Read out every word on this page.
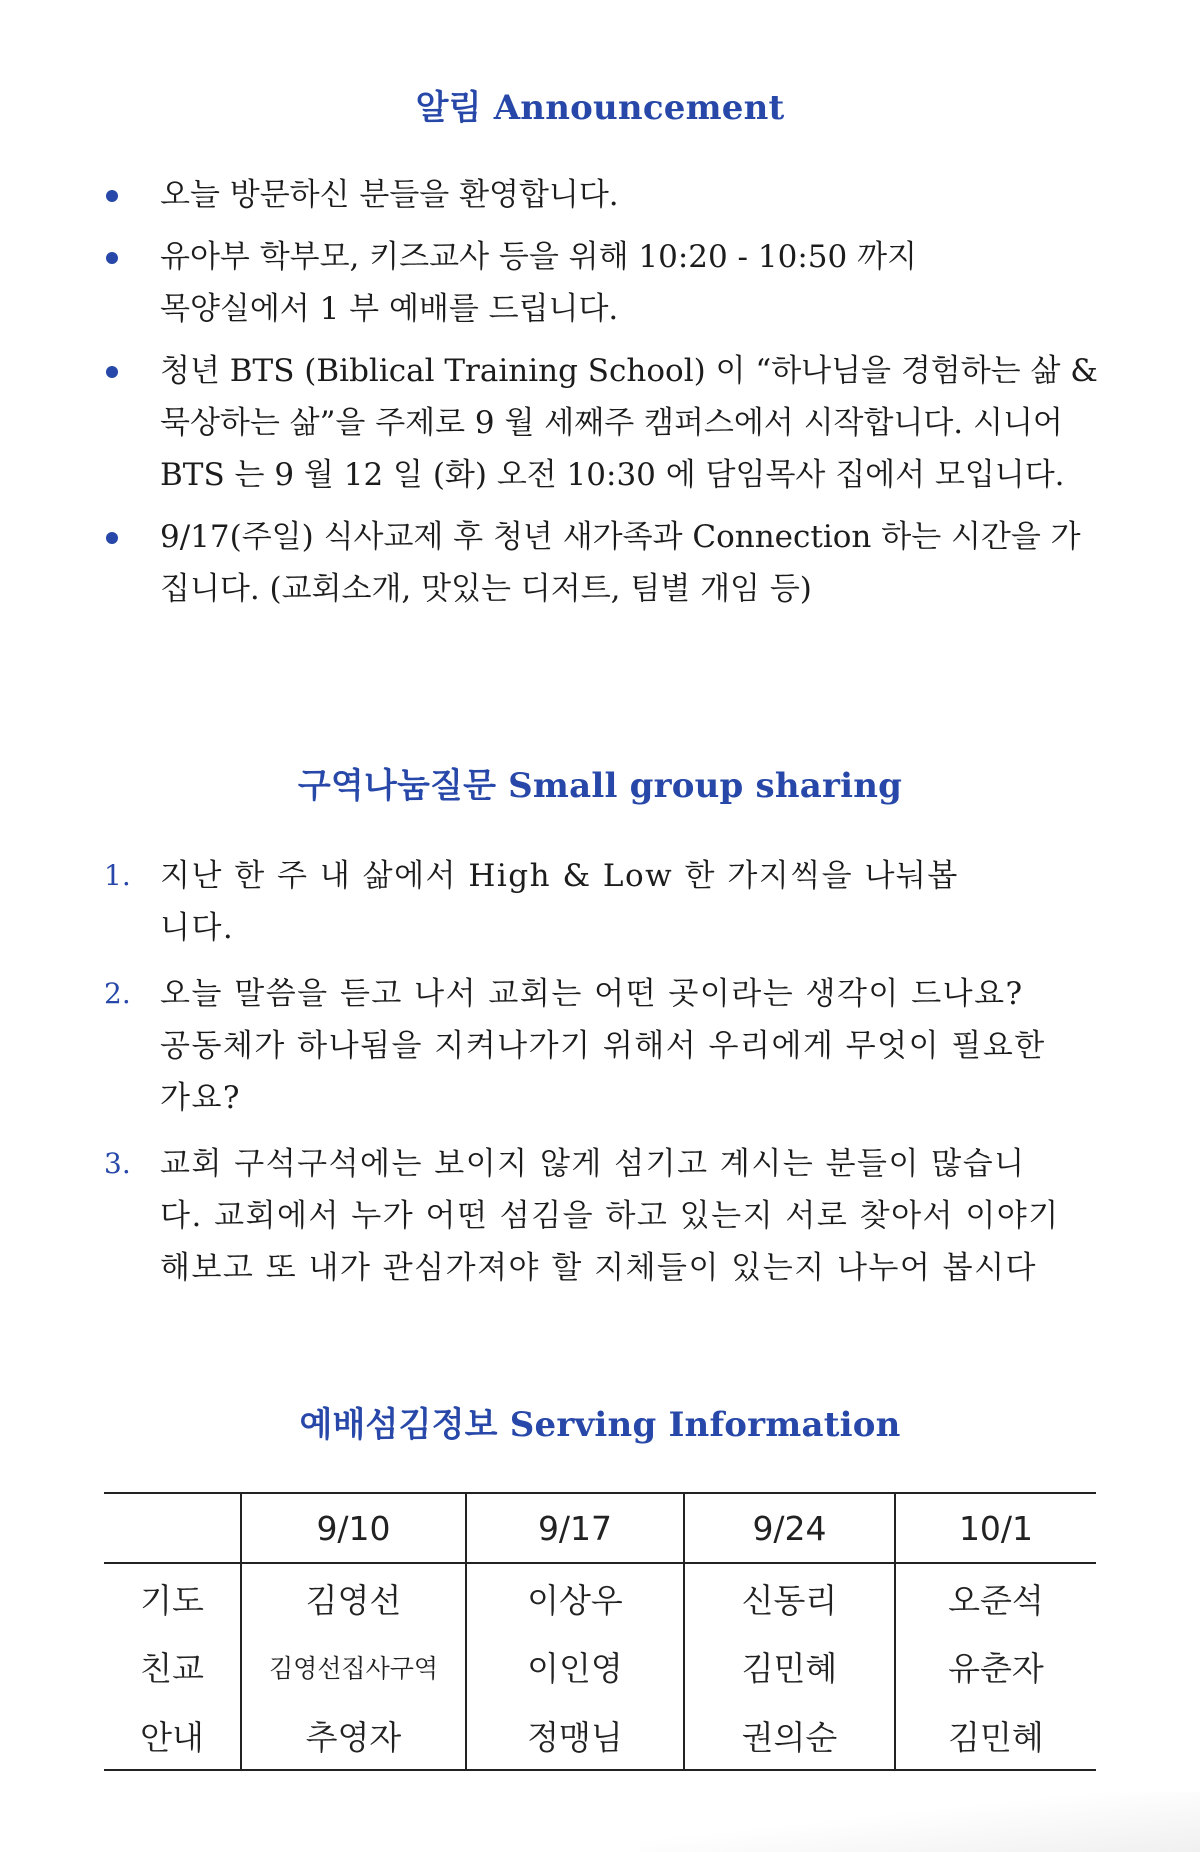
알림 Announcement
오늘 방문하신 분들을 환영합니다.
유아부 학부모, 키즈교사 등을 위해 10:20 - 10:50 까지 목양실에서 1 부 예배를 드립니다.
청년 BTS (Biblical Training School) 이 “하나님을 경험하는 삶 & 묵상하는 삶”을 주제로 9 월 세째주 캠퍼스에서 시작합니다. 시니어 BTS 는 9 월 12 일 (화) 오전 10:30 에 담임목사 집에서 모입니다.
9/17(주일) 식사교제 후 청년 새가족과 Connection 하는 시간을 가집니다. (교회소개, 맛있는 디저트, 팀별 개임 등)
구역나눔질문 Small group sharing
1. 지난 한 주 내 삶에서 High & Low 한 가지씩을 나눠봅니다.
2. 오늘 말씀을 듣고 나서 교회는 어떤 곳이라는 생각이 드나요? 공동체가 하나됨을 지켜나가기 위해서 우리에게 무엇이 필요한가요?
3. 교회 구석구석에는 보이지 않게 섬기고 계시는 분들이 많습니다. 교회에서 누가 어떤 섬김을 하고 있는지 서로 찾아서 이야기 해보고 또 내가 관심가져야 할 지체들이 있는지 나누어 봅시다
예배섬김정보 Serving Information
	9/10	9/17	9/24	10/1
기도	김영선	이상우	신동리	오준석
친교	김영선집사구역	이인영	김민혜	유춘자
안내	추영자	정맹님	권의순	김민혜
